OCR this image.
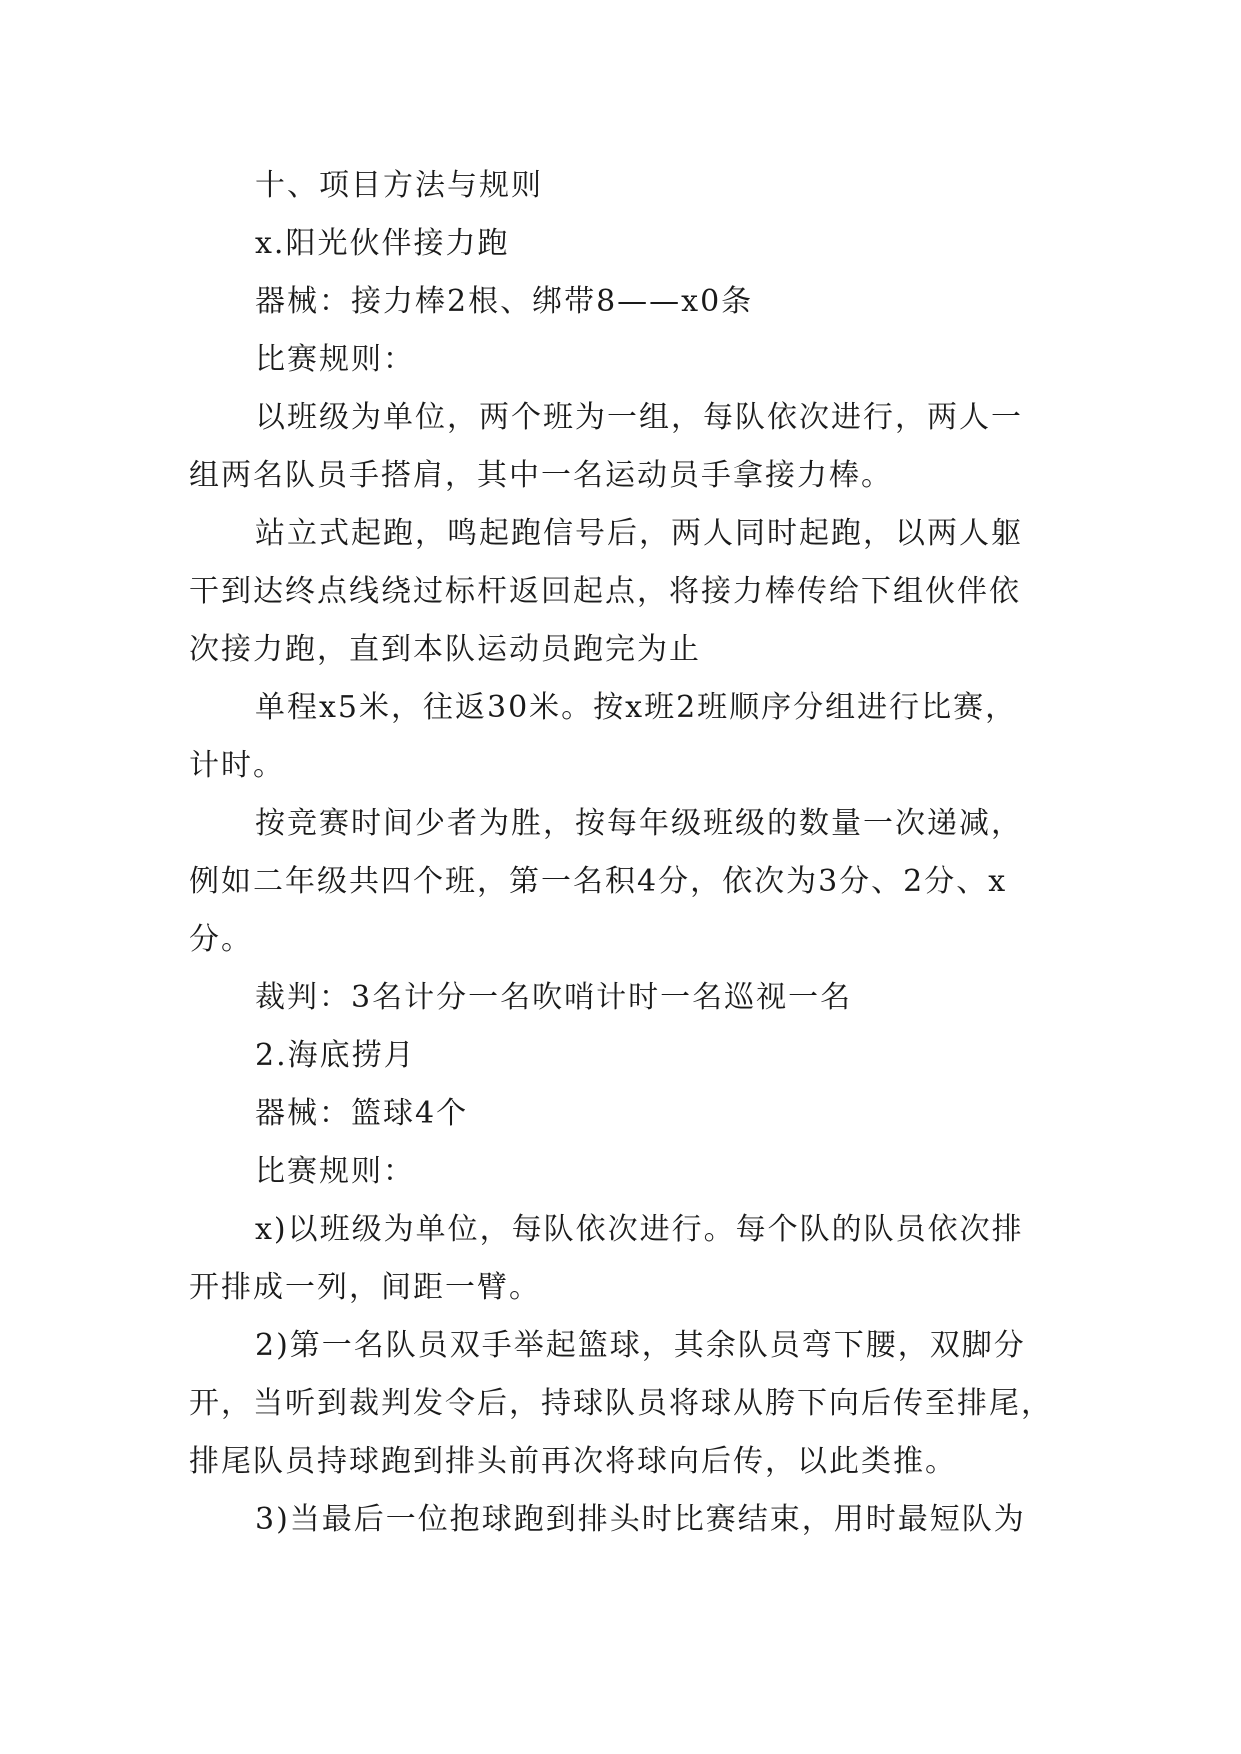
十、项目方法与规则

x.阳光伙伴接力跑

器械：接力棒2根、绑带8——x0条

比赛规则：

以班级为单位，两个班为一组，每队依次进行，两人一

组两名队员手搭肩，其中一名运动员手拿接力棒。

站立式起跑，鸣起跑信号后，两人同时起跑，以两人躯

干到达终点线绕过标杆返回起点，将接力棒传给下组伙伴依

次接力跑，直到本队运动员跑完为止

单程x5米，往返30米。按x班2班顺序分组进行比赛，

计时。

按竞赛时间少者为胜，按每年级班级的数量一次递减，

例如二年级共四个班，第一名积4分，依次为3分、2分、x

分。

裁判：3名计分一名吹哨计时一名巡视一名

2.海底捞月

器械：篮球4个

比赛规则：

x)以班级为单位，每队依次进行。每个队的队员依次排

开排成一列，间距一臂。

2)第一名队员双手举起篮球，其余队员弯下腰，双脚分

开，当听到裁判发令后，持球队员将球从胯下向后传至排尾，

排尾队员持球跑到排头前再次将球向后传，以此类推。

3)当最后一位抱球跑到排头时比赛结束，用时最短队为
